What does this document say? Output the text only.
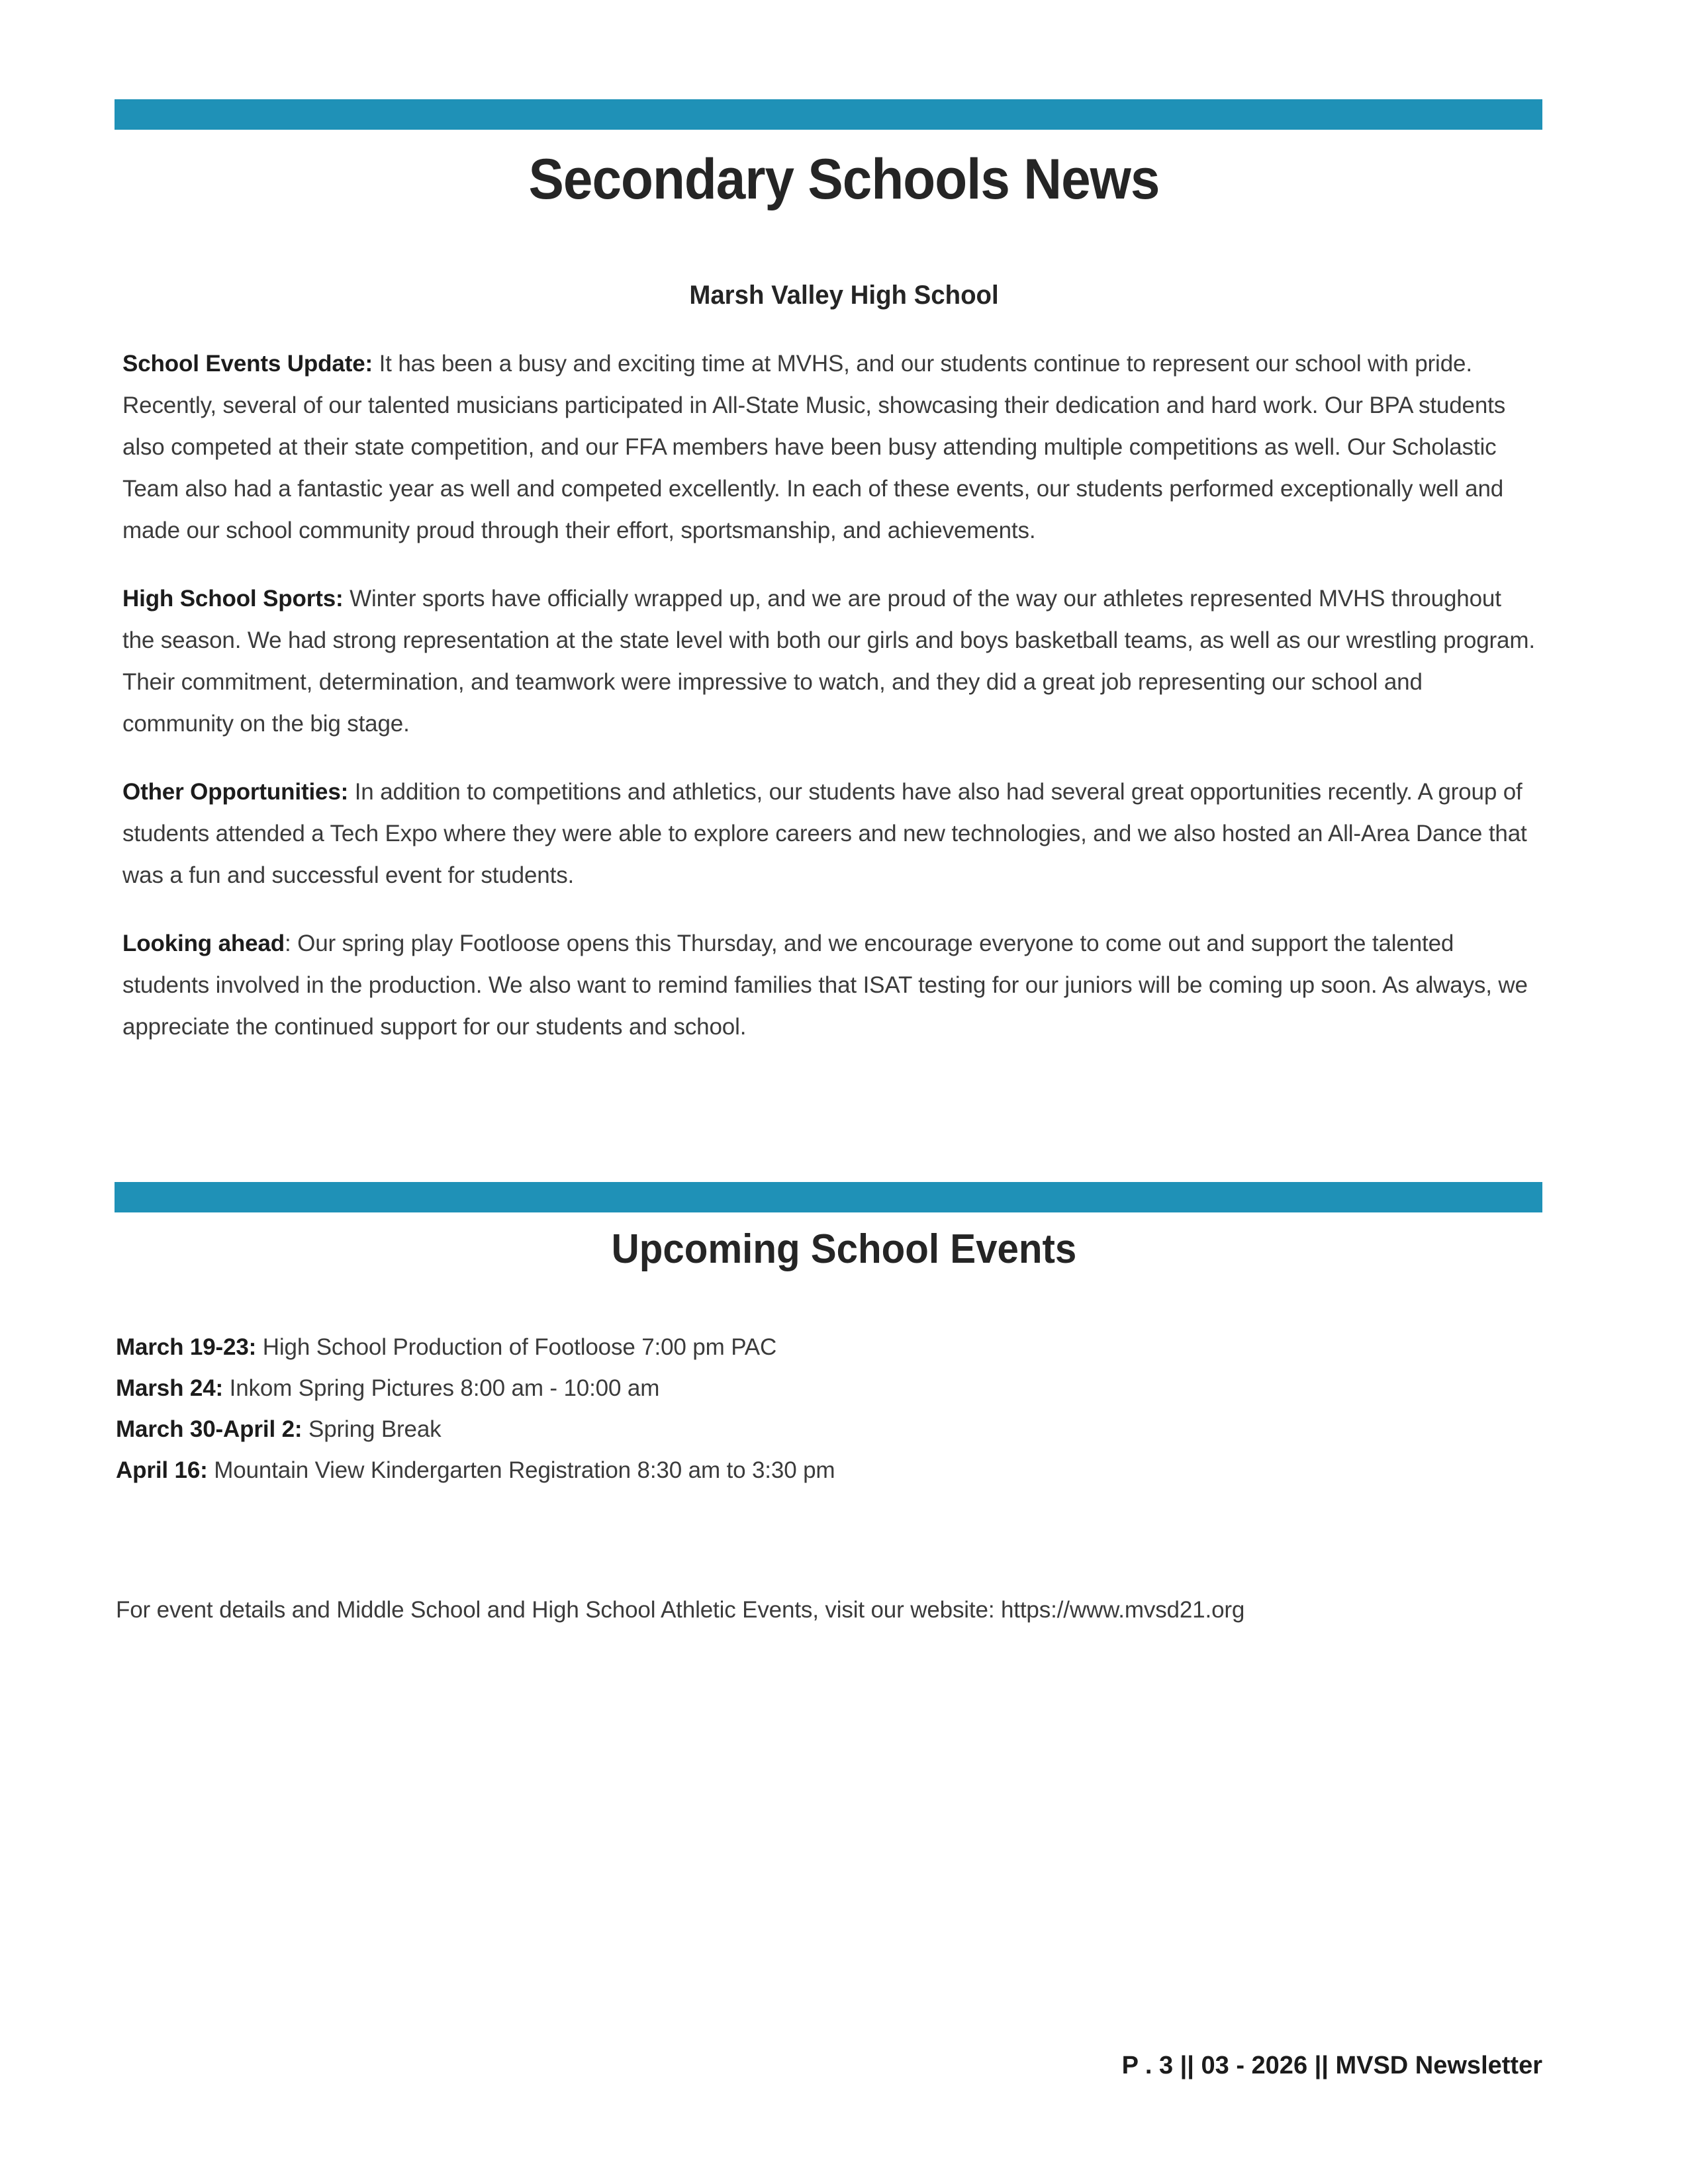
Secondary Schools News
Marsh Valley High School

School Events Update: It has been a busy and exciting time at MVHS, and our students continue to represent our school with pride. Recently, several of our talented musicians participated in All-State Music, showcasing their dedication and hard work. Our BPA students also competed at their state competition, and our FFA members have been busy attending multiple competitions as well. Our Scholastic Team also had a fantastic year as well and competed excellently. In each of these events, our students performed exceptionally well and made our school community proud through their effort, sportsmanship, and achievements.

High School Sports: Winter sports have officially wrapped up, and we are proud of the way our athletes represented MVHS throughout the season. We had strong representation at the state level with both our girls and boys basketball teams, as well as our wrestling program. Their commitment, determination, and teamwork were impressive to watch, and they did a great job representing our school and community on the big stage.

Other Opportunities: In addition to competitions and athletics, our students have also had several great opportunities recently. A group of students attended a Tech Expo where they were able to explore careers and new technologies, and we also hosted an All-Area Dance that was a fun and successful event for students.

Looking ahead: Our spring play Footloose opens this Thursday, and we encourage everyone to come out and support the talented students involved in the production. We also want to remind families that ISAT testing for our juniors will be coming up soon. As always, we appreciate the continued support for our students and school.

Upcoming School Events
March 19-23: High School Production of Footloose 7:00 pm PAC
Marsh 24: Inkom Spring Pictures 8:00 am - 10:00 am
March 30-April 2: Spring Break
April 16: Mountain View Kindergarten Registration 8:30 am to 3:30 pm
For event details and Middle School and High School Athletic Events, visit our website: https://www.mvsd21.org
P . 3 || 03 - 2026 || MVSD Newsletter
